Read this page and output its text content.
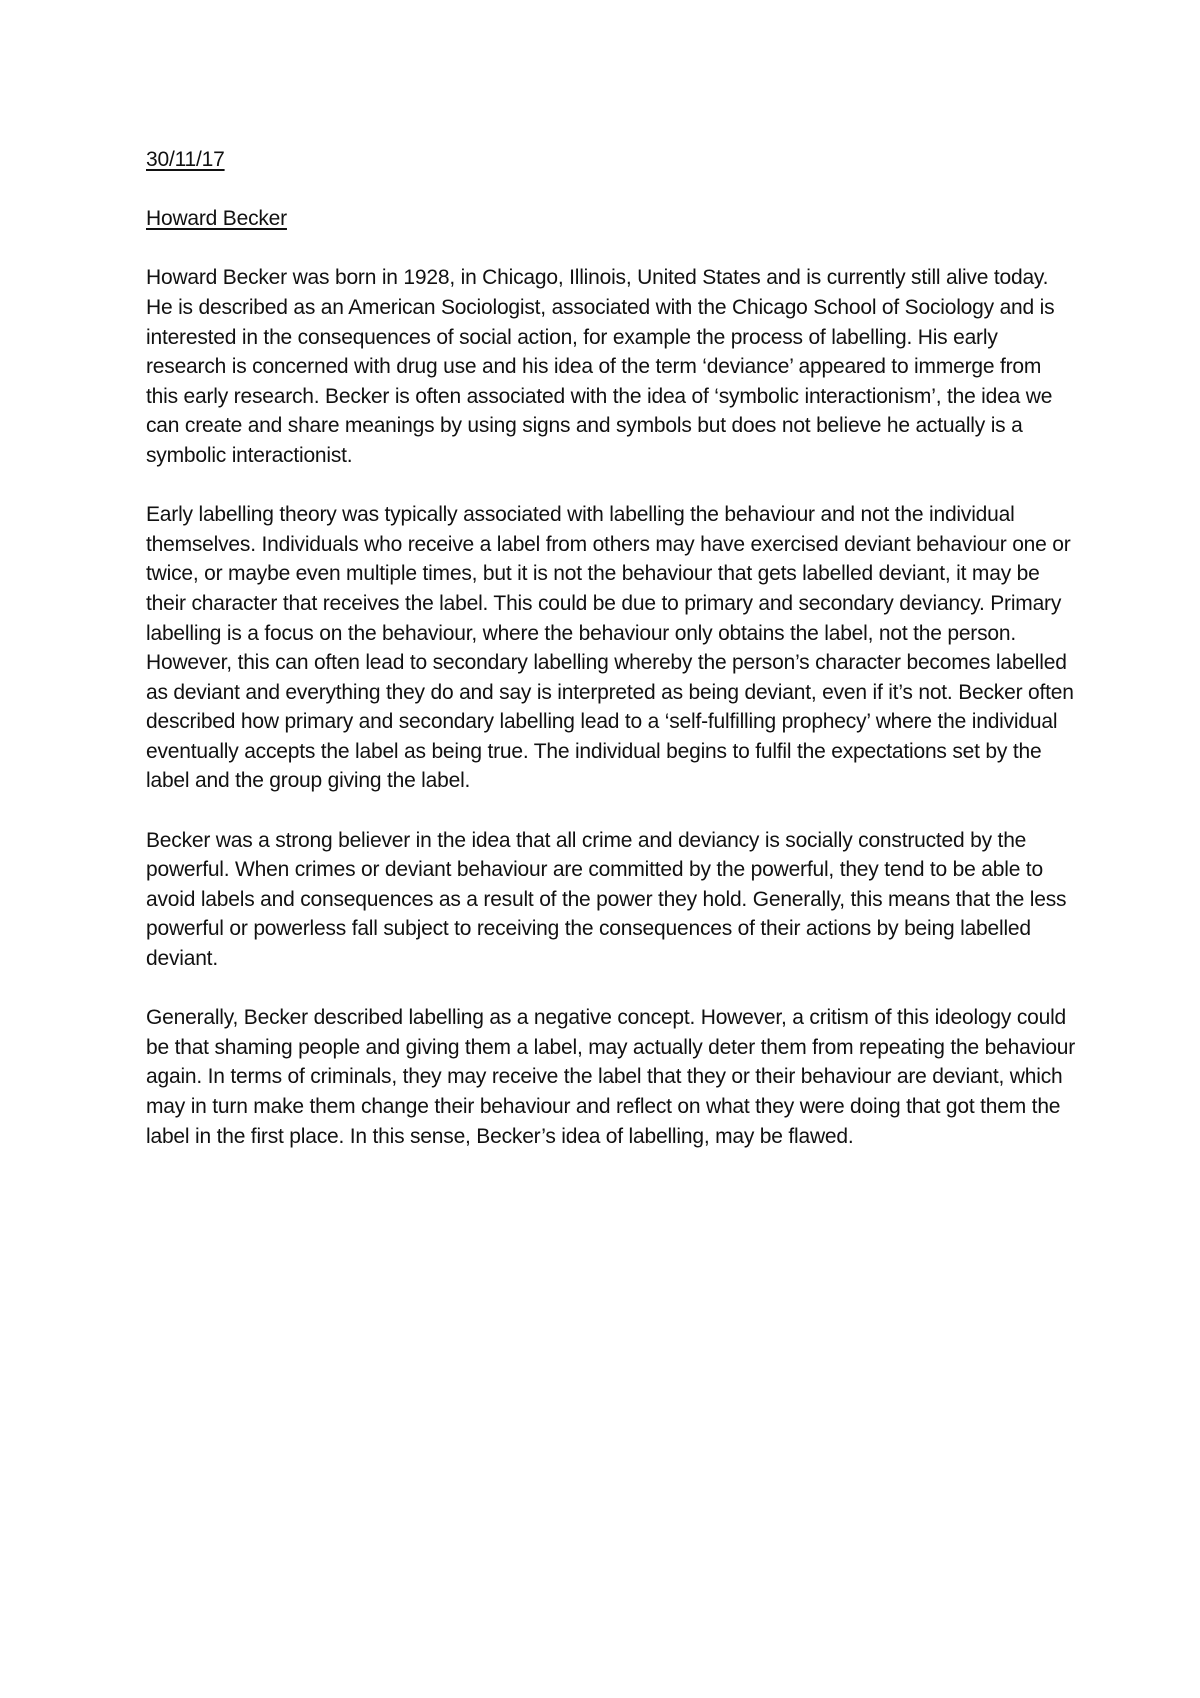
30/11/17

Howard Becker

Howard Becker was born in 1928, in Chicago, Illinois, United States and is currently still alive today. He is described as an American Sociologist, associated with the Chicago School of Sociology and is interested in the consequences of social action, for example the process of labelling. His early research is concerned with drug use and his idea of the term ‘deviance’ appeared to immerge from this early research. Becker is often associated with the idea of ‘symbolic interactionism’, the idea we can create and share meanings by using signs and symbols but does not believe he actually is a symbolic interactionist.

Early labelling theory was typically associated with labelling the behaviour and not the individual themselves. Individuals who receive a label from others may have exercised deviant behaviour one or twice, or maybe even multiple times, but it is not the behaviour that gets labelled deviant, it may be their character that receives the label. This could be due to primary and secondary deviancy. Primary labelling is a focus on the behaviour, where the behaviour only obtains the label, not the person. However, this can often lead to secondary labelling whereby the person’s character becomes labelled as deviant and everything they do and say is interpreted as being deviant, even if it’s not. Becker often described how primary and secondary labelling lead to a ‘self-fulfilling prophecy’ where the individual eventually accepts the label as being true. The individual begins to fulfil the expectations set by the label and the group giving the label.

Becker was a strong believer in the idea that all crime and deviancy is socially constructed by the powerful. When crimes or deviant behaviour are committed by the powerful, they tend to be able to avoid labels and consequences as a result of the power they hold. Generally, this means that the less powerful or powerless fall subject to receiving the consequences of their actions by being labelled deviant.

Generally, Becker described labelling as a negative concept. However, a critism of this ideology could be that shaming people and giving them a label, may actually deter them from repeating the behaviour again. In terms of criminals, they may receive the label that they or their behaviour are deviant, which may in turn make them change their behaviour and reflect on what they were doing that got them the label in the first place. In this sense, Becker’s idea of labelling, may be flawed.
